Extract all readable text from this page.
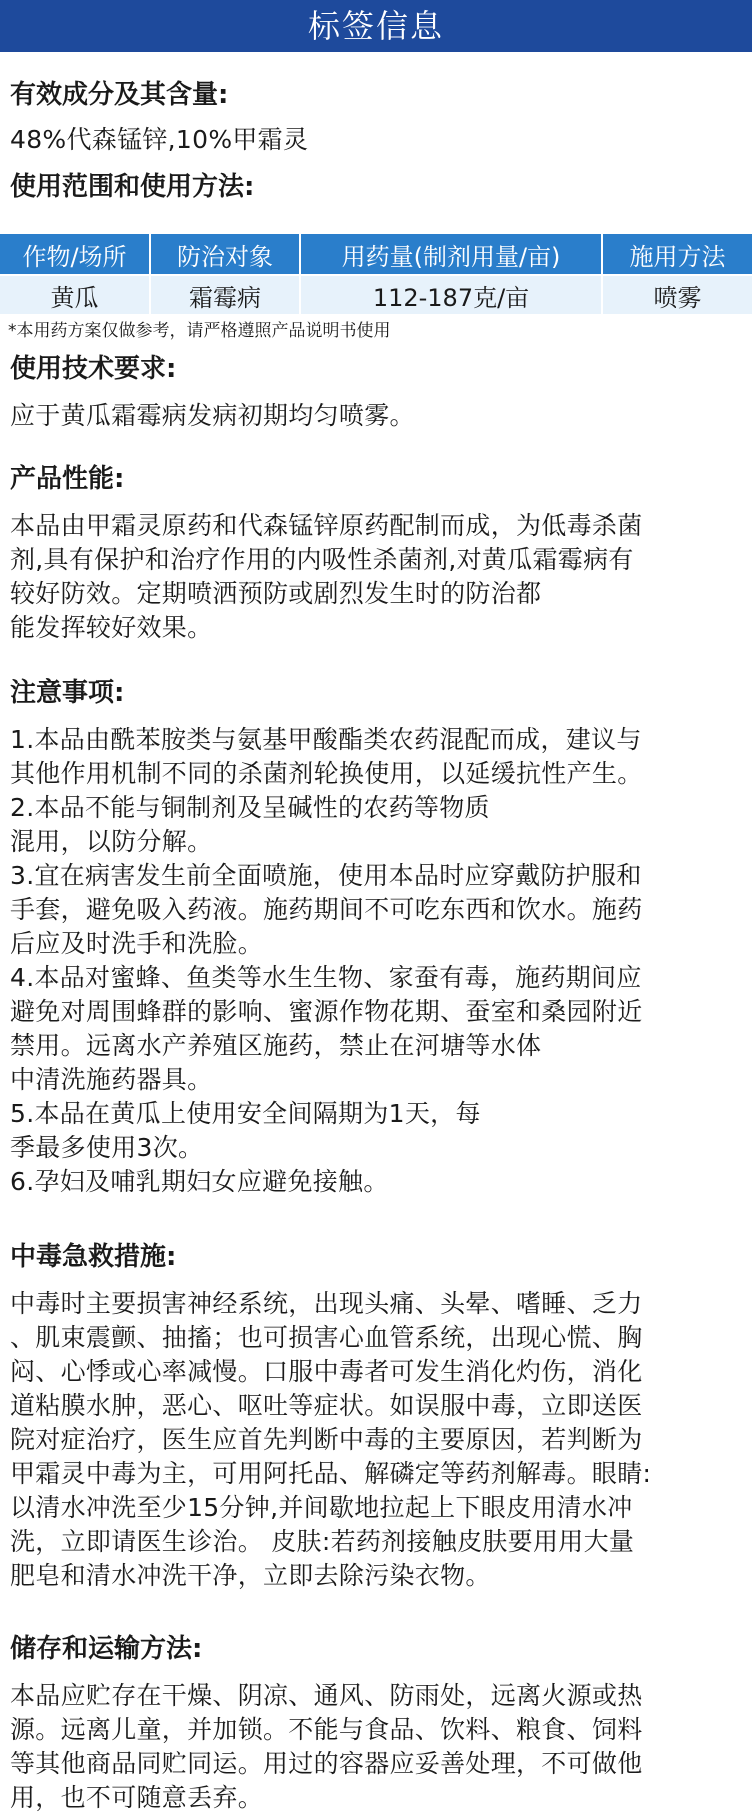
标签信息
有效成分及其含量:
48%代森锰锌,10%甲霜灵
使用范围和使用方法:
作物/场所	防治对象	用药量(制剂用量/亩)	施用方法
黄瓜	霜霉病	112-187克/亩	喷雾
*本用药方案仅做参考，请严格遵照产品说明书使用
使用技术要求:
应于黄瓜霜霉病发病初期均匀喷雾。
产品性能:
本品由甲霜灵原药和代森锰锌原药配制而成，为低毒杀菌
剂,具有保护和治疗作用的内吸性杀菌剂,对黄瓜霜霉病有
较好防效。定期喷洒预防或剧烈发生时的防治都
能发挥较好效果。
注意事项:
1.本品由酰苯胺类与氨基甲酸酯类农药混配而成，建议与
其他作用机制不同的杀菌剂轮换使用，以延缓抗性产生。
2.本品不能与铜制剂及呈碱性的农药等物质
混用，以防分解。
3.宜在病害发生前全面喷施，使用本品时应穿戴防护服和
手套，避免吸入药液。施药期间不可吃东西和饮水。施药
后应及时洗手和洗脸。
4.本品对蜜蜂、鱼类等水生生物、家蚕有毒，施药期间应
避免对周围蜂群的影响、蜜源作物花期、蚕室和桑园附近
禁用。远离水产养殖区施药，禁止在河塘等水体
中清洗施药器具。
5.本品在黄瓜上使用安全间隔期为1天，每
季最多使用3次。
6.孕妇及哺乳期妇女应避免接触。
中毒急救措施:
中毒时主要损害神经系统，出现头痛、头晕、嗜睡、乏力
、肌束震颤、抽搐；也可损害心血管系统，出现心慌、胸
闷、心悸或心率减慢。口服中毒者可发生消化灼伤，消化
道粘膜水肿，恶心、呕吐等症状。如误服中毒，立即送医
院对症治疗，医生应首先判断中毒的主要原因，若判断为
甲霜灵中毒为主，可用阿托品、解磷定等药剂解毒。眼睛:
以清水冲洗至少15分钟,并间歇地拉起上下眼皮用清水冲
洗，立即请医生诊治。 皮肤:若药剂接触皮肤要用用大量
肥皂和清水冲洗干净，立即去除污染衣物。
储存和运输方法:
本品应贮存在干燥、阴凉、通风、防雨处，远离火源或热
源。远离儿童，并加锁。不能与食品、饮料、粮食、饲料
等其他商品同贮同运。用过的容器应妥善处理，不可做他
用，也不可随意丢弃。
